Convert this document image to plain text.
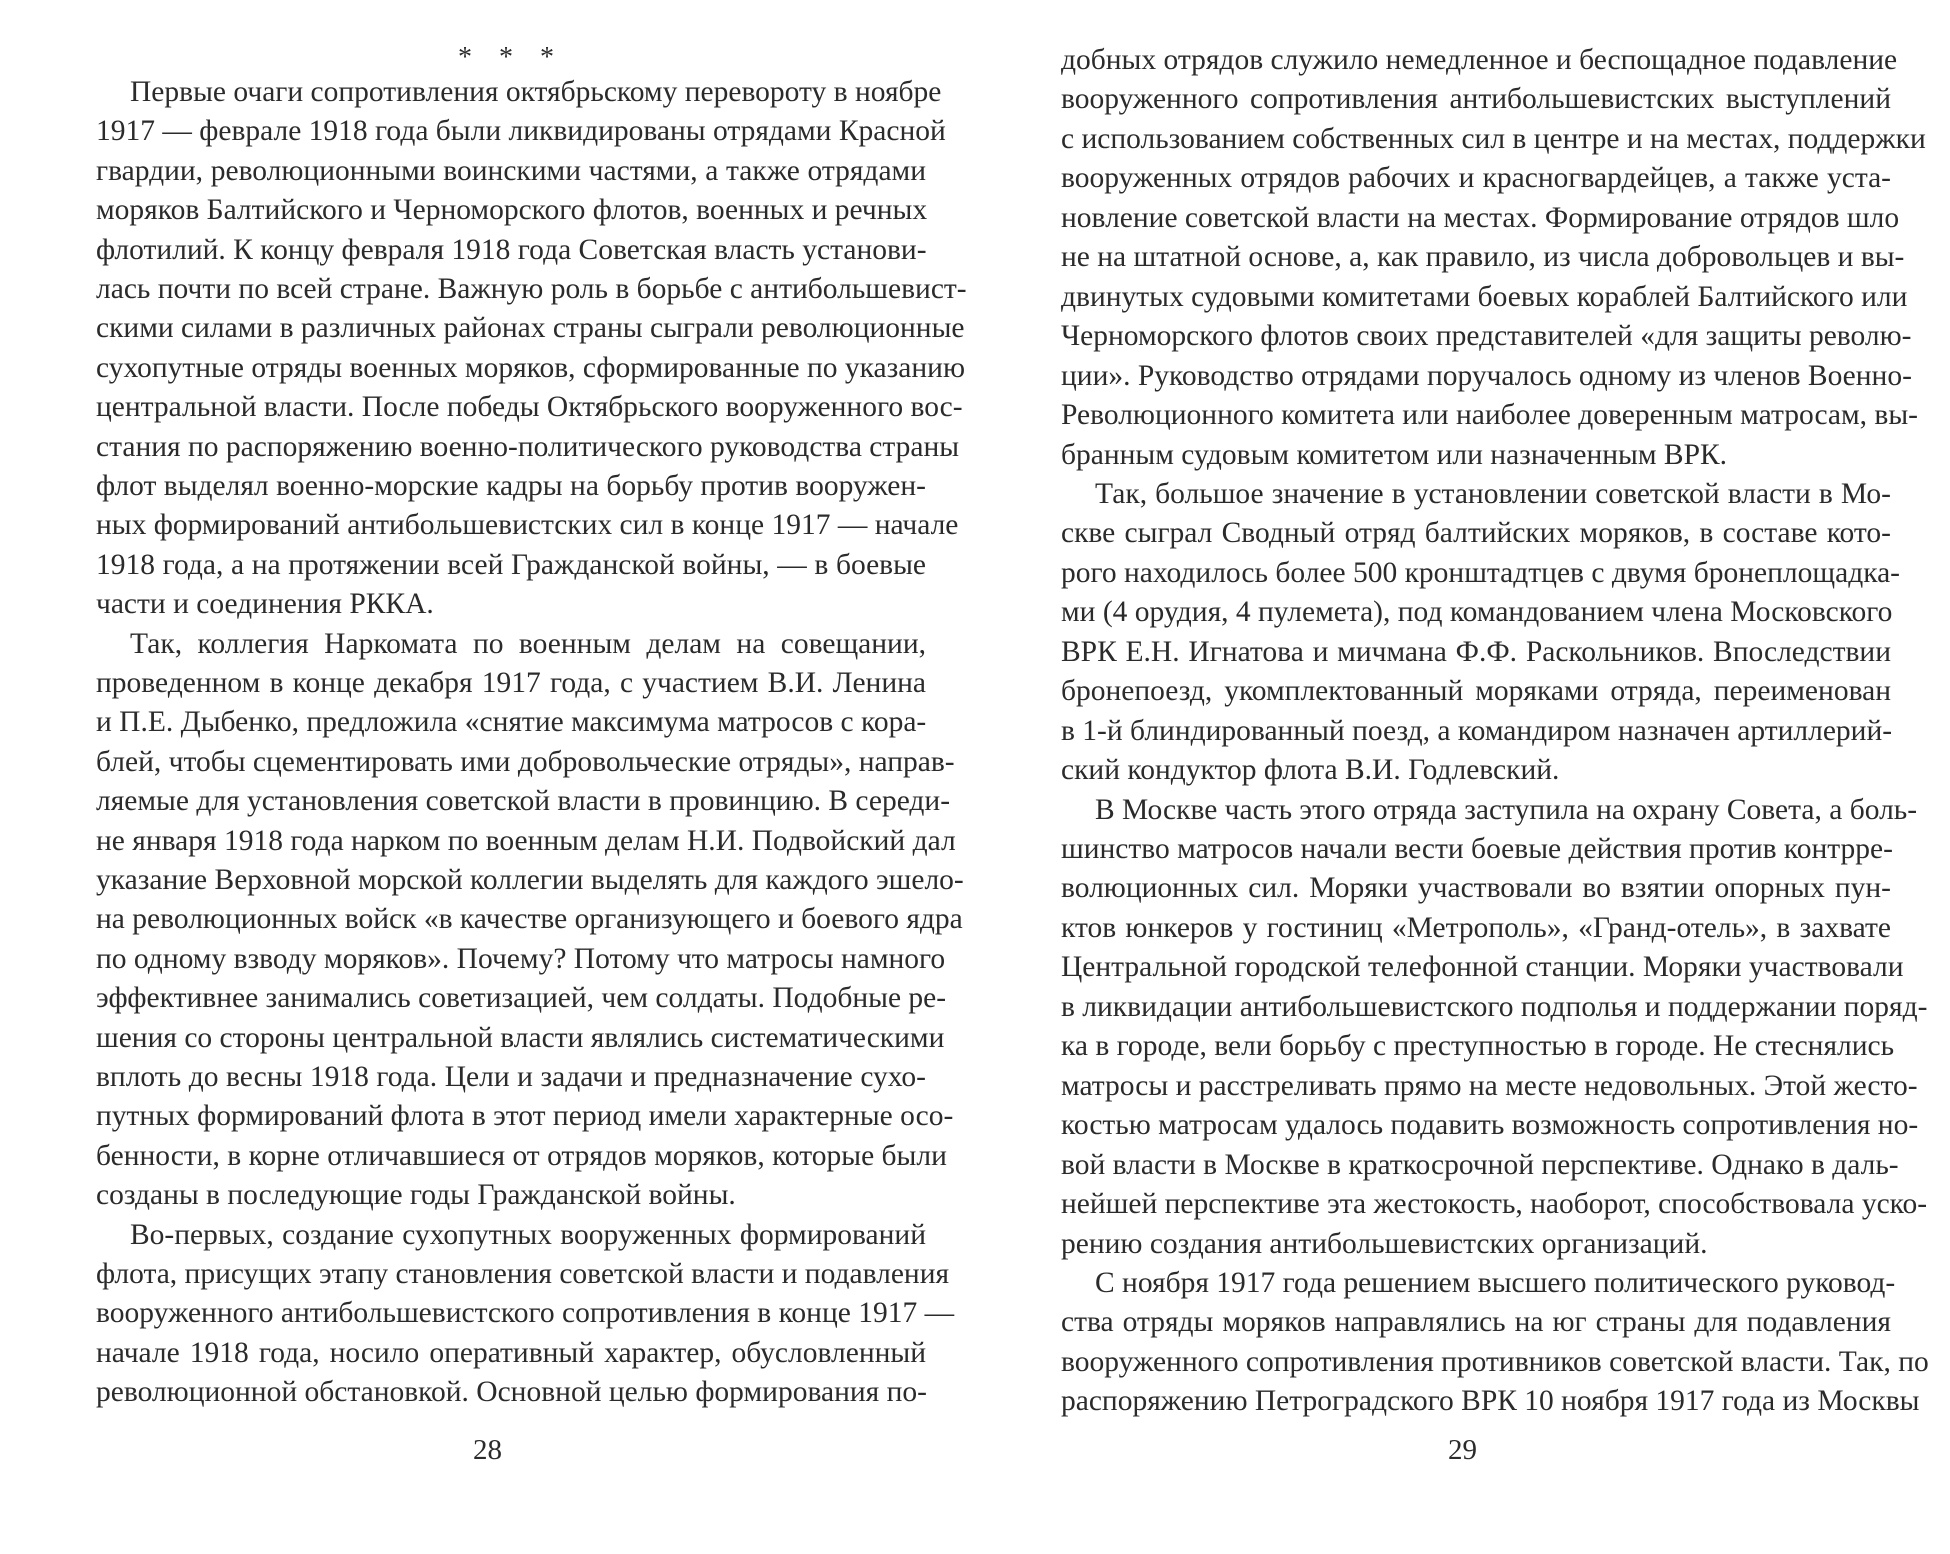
* * *
Первые очаги сопротивления октябрьскому перевороту в ноябре
1917 — феврале 1918 года были ликвидированы отрядами Красной
гвардии, революционными воинскими частями, а также отрядами
моряков Балтийского и Черноморского флотов, военных и речных
флотилий. К концу февраля 1918 года Советская власть установи-
лась почти по всей стране. Важную роль в борьбе с антибольшевист-
скими силами в различных районах страны сыграли революционные
сухопутные отряды военных моряков, сформированные по указанию
центральной власти. После победы Октябрьского вооруженного вос-
стания по распоряжению военно-политического руководства страны
флот выделял военно-морские кадры на борьбу против вооружен-
ных формирований антибольшевистских сил в конце 1917 — начале
1918 года, а на протяжении всей Гражданской войны, — в боевые
части и соединения РККА.
Так, коллегия Наркомата по военным делам на совещании,
проведенном в конце декабря 1917 года, с участием В.И. Ленина
и П.Е. Дыбенко, предложила «снятие максимума матросов с кора-
блей, чтобы сцементировать ими добровольческие отряды», направ-
ляемые для установления советской власти в провинцию. В середи-
не января 1918 года нарком по военным делам Н.И. Подвойский дал
указание Верховной морской коллегии выделять для каждого эшело-
на революционных войск «в качестве организующего и боевого ядра
по одному взводу моряков». Почему? Потому что матросы намного
эффективнее занимались советизацией, чем солдаты. Подобные ре-
шения со стороны центральной власти являлись систематическими
вплоть до весны 1918 года. Цели и задачи и предназначение сухо-
путных формирований флота в этот период имели характерные осо-
бенности, в корне отличавшиеся от отрядов моряков, которые были
созданы в последующие годы Гражданской войны.
Во-первых, создание сухопутных вооруженных формирований
флота, присущих этапу становления советской власти и подавления
вооруженного антибольшевистского сопротивления в конце 1917 —
начале 1918 года, носило оперативный характер, обусловленный
революционной обстановкой. Основной целью формирования по-
28
добных отрядов служило немедленное и беспощадное подавление
вооруженного сопротивления антибольшевистских выступлений
с использованием собственных сил в центре и на местах, поддержки
вооруженных отрядов рабочих и красногвардейцев, а также уста-
новление советской власти на местах. Формирование отрядов шло
не на штатной основе, а, как правило, из числа добровольцев и вы-
двинутых судовыми комитетами боевых кораблей Балтийского или
Черноморского флотов своих представителей «для защиты револю-
ции». Руководство отрядами поручалось одному из членов Военно-
Революционного комитета или наиболее доверенным матросам, вы-
бранным судовым комитетом или назначенным ВРК.
Так, большое значение в установлении советской власти в Мо-
скве сыграл Сводный отряд балтийских моряков, в составе кото-
рого находилось более 500 кронштадтцев с двумя бронеплощадка-
ми (4 орудия, 4 пулемета), под командованием члена Московского
ВРК Е.Н. Игнатова и мичмана Ф.Ф. Раскольников. Впоследствии
бронепоезд, укомплектованный моряками отряда, переименован
в 1-й блиндированный поезд, а командиром назначен артиллерий-
ский кондуктор флота В.И. Годлевский.
В Москве часть этого отряда заступила на охрану Совета, а боль-
шинство матросов начали вести боевые действия против контрре-
волюционных сил. Моряки участвовали во взятии опорных пун-
ктов юнкеров у гостиниц «Метрополь», «Гранд-отель», в захвате
Центральной городской телефонной станции. Моряки участвовали
в ликвидации антибольшевистского подполья и поддержании поряд-
ка в городе, вели борьбу с преступностью в городе. Не стеснялись
матросы и расстреливать прямо на месте недовольных. Этой жесто-
костью матросам удалось подавить возможность сопротивления но-
вой власти в Москве в краткосрочной перспективе. Однако в даль-
нейшей перспективе эта жестокость, наоборот, способствовала уско-
рению создания антибольшевистских организаций.
С ноября 1917 года решением высшего политического руковод-
ства отряды моряков направлялись на юг страны для подавления
вооруженного сопротивления противников советской власти. Так, по
распоряжению Петроградского ВРК 10 ноября 1917 года из Москвы
29
